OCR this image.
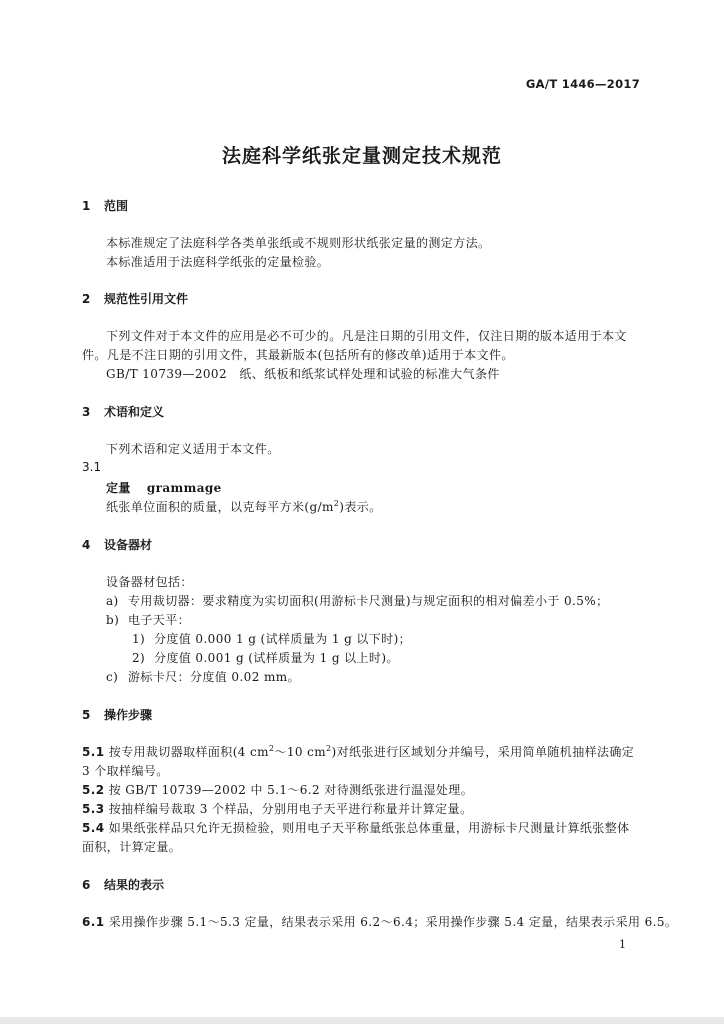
GA/T 1446—2017
法庭科学纸张定量测定技术规范
1 范围
本标准规定了法庭科学各类单张纸或不规则形状纸张定量的测定方法。
本标准适用于法庭科学纸张的定量检验。
2 规范性引用文件
下列文件对于本文件的应用是必不可少的。凡是注日期的引用文件，仅注日期的版本适用于本文
件。凡是不注日期的引用文件，其最新版本(包括所有的修改单)适用于本文件。
GB/T 10739—2002　纸、纸板和纸浆试样处理和试验的标准大气条件
3 术语和定义
下列术语和定义适用于本文件。
3.1
定量 grammage
纸张单位面积的质量，以克每平方米$(g/m^2)$表示。
4 设备器材
设备器材包括：
a) 专用裁切器：要求精度为实切面积(用游标卡尺测量)与规定面积的相对偏差小于 0.5%；
b) 电子天平：
1) 分度值 0.000 1 g (试样质量为 1 g 以下时)；
2) 分度值 0.001 g (试样质量为 1 g 以上时)。
c) 游标卡尺：分度值 0.02 mm。
5 操作步骤
5.1 按专用裁切器取样面积(4 $cm^2\sim 10$ $cm^2$)对纸张进行区域划分并编号，采用简单随机抽样法确定
3 个取样编号。
5.2 按 GB/T 10739—2002 中 5.1～6.2 对待测纸张进行温湿处理。
5.3 按抽样编号裁取 3 个样品，分别用电子天平进行称量并计算定量。
5.4 如果纸张样品只允许无损检验，则用电子天平称量纸张总体重量，用游标卡尺测量计算纸张整体
面积，计算定量。
6 结果的表示
6.1 采用操作步骤 5.1～5.3 定量，结果表示采用 6.2～6.4；采用操作步骤 5.4 定量，结果表示采用 6.5。
1
